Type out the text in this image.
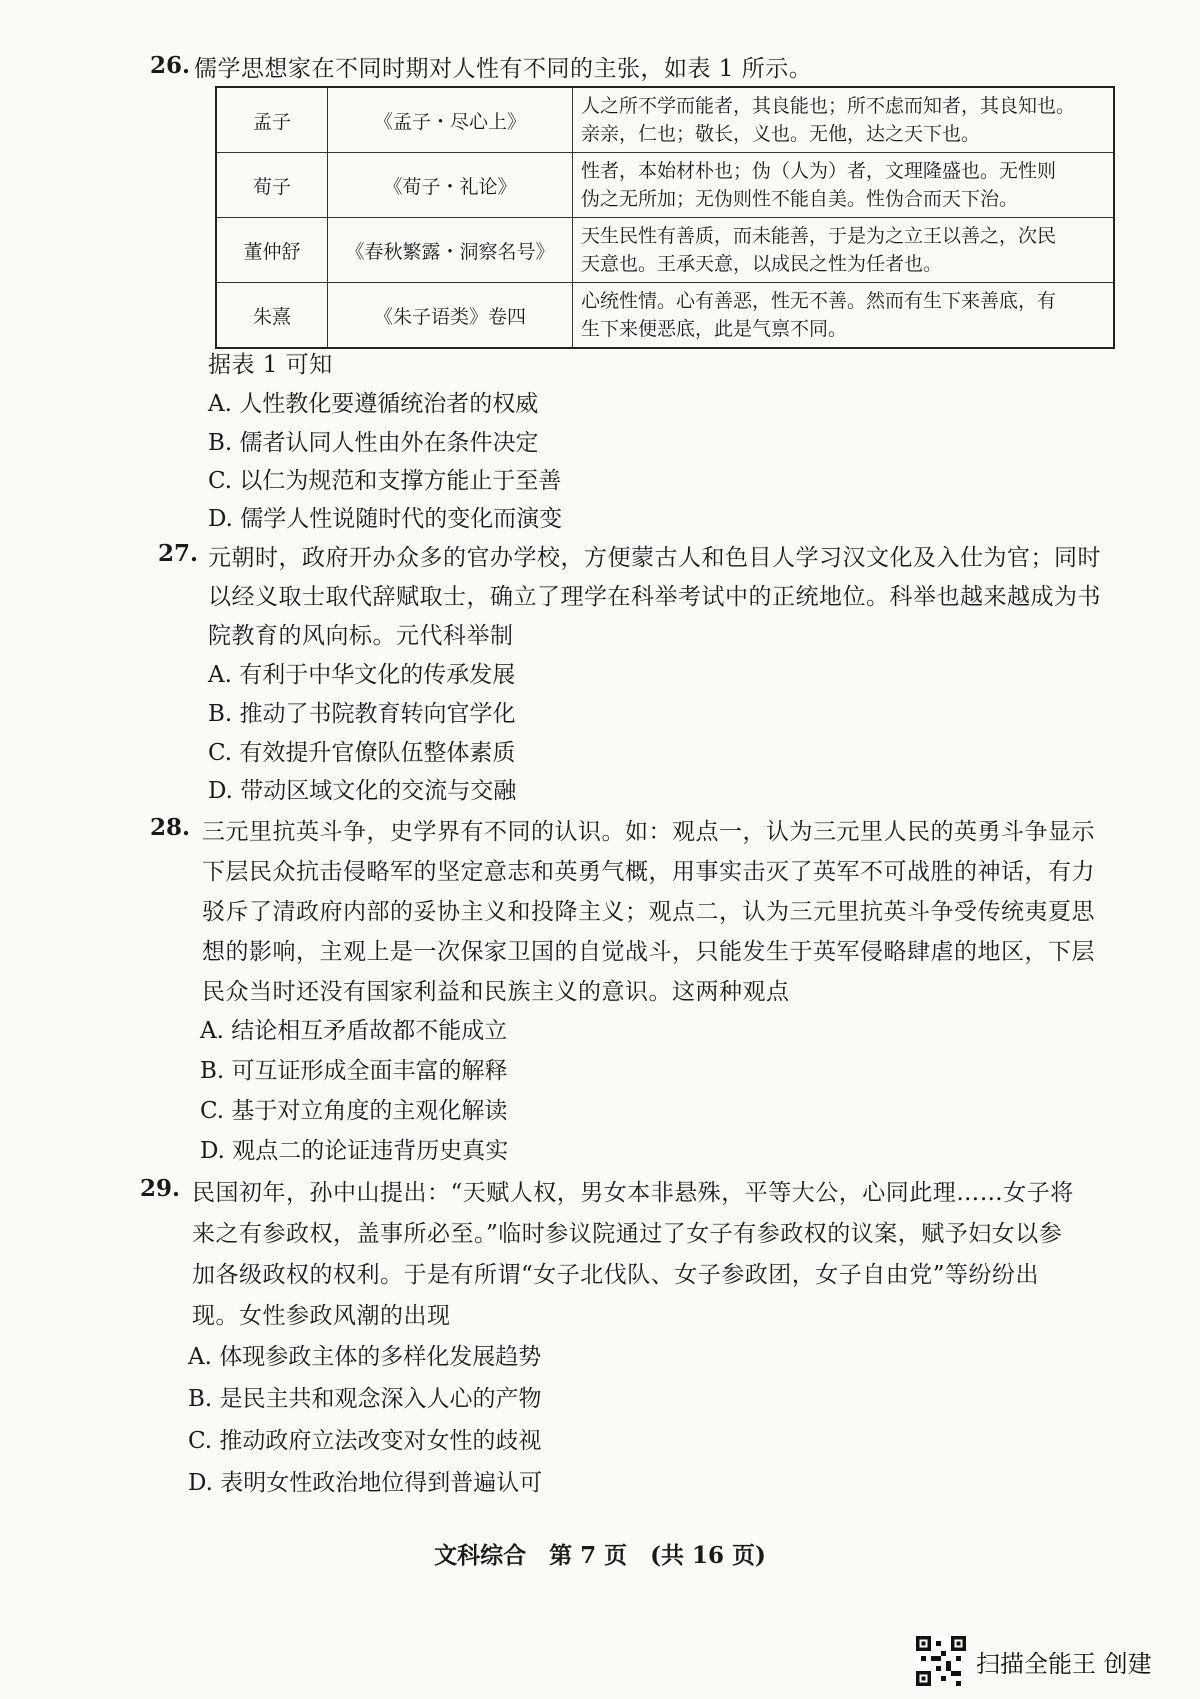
26. 儒学思想家在不同时期对人性有不同的主张，如表 1 所示。
孟子	《孟子・尽心上》	人之所不学而能者，其良能也；所不虑而知者，其良知也。
亲亲，仁也；敬长，义也。无他，达之天下也。
荀子	《荀子・礼论》	性者，本始材朴也；伪（人为）者，文理隆盛也。无性则
伪之无所加；无伪则性不能自美。性伪合而天下治。
董仲舒	《春秋繁露・洞察名号》	天生民性有善质，而未能善，于是为之立王以善之，次民
天意也。王承天意，以成民之性为任者也。
朱熹	《朱子语类》卷四	心统性情。心有善恶，性无不善。然而有生下来善底，有
生下来便恶底，此是气禀不同。
据表 1 可知
A. 人性教化要遵循统治者的权威
B. 儒者认同人性由外在条件决定
C. 以仁为规范和支撑方能止于至善
D. 儒学人性说随时代的变化而演变
27. 元朝时，政府开办众多的官办学校，方便蒙古人和色目人学习汉文化及入仕为官；同时
以经义取士取代辞赋取士，确立了理学在科举考试中的正统地位。科举也越来越成为书
院教育的风向标。元代科举制
A. 有利于中华文化的传承发展
B. 推动了书院教育转向官学化
C. 有效提升官僚队伍整体素质
D. 带动区域文化的交流与交融
28. 三元里抗英斗争，史学界有不同的认识。如：观点一，认为三元里人民的英勇斗争显示
下层民众抗击侵略军的坚定意志和英勇气概，用事实击灭了英军不可战胜的神话，有力
驳斥了清政府内部的妥协主义和投降主义；观点二，认为三元里抗英斗争受传统夷夏思
想的影响，主观上是一次保家卫国的自觉战斗，只能发生于英军侵略肆虐的地区，下层
民众当时还没有国家利益和民族主义的意识。这两种观点
A. 结论相互矛盾故都不能成立
B. 可互证形成全面丰富的解释
C. 基于对立角度的主观化解读
D. 观点二的论证违背历史真实
29. 民国初年，孙中山提出：“天赋人权，男女本非悬殊，平等大公，心同此理……女子将
来之有参政权，盖事所必至。”临时参议院通过了女子有参政权的议案，赋予妇女以参
加各级政权的权利。于是有所谓“女子北伐队、女子参政团，女子自由党”等纷纷出
现。女性参政风潮的出现
A. 体现参政主体的多样化发展趋势
B. 是民主共和观念深入人心的产物
C. 推动政府立法改变对女性的歧视
D. 表明女性政治地位得到普遍认可
文科综合　第 7 页　(共 16 页)
扫描全能王 创建
